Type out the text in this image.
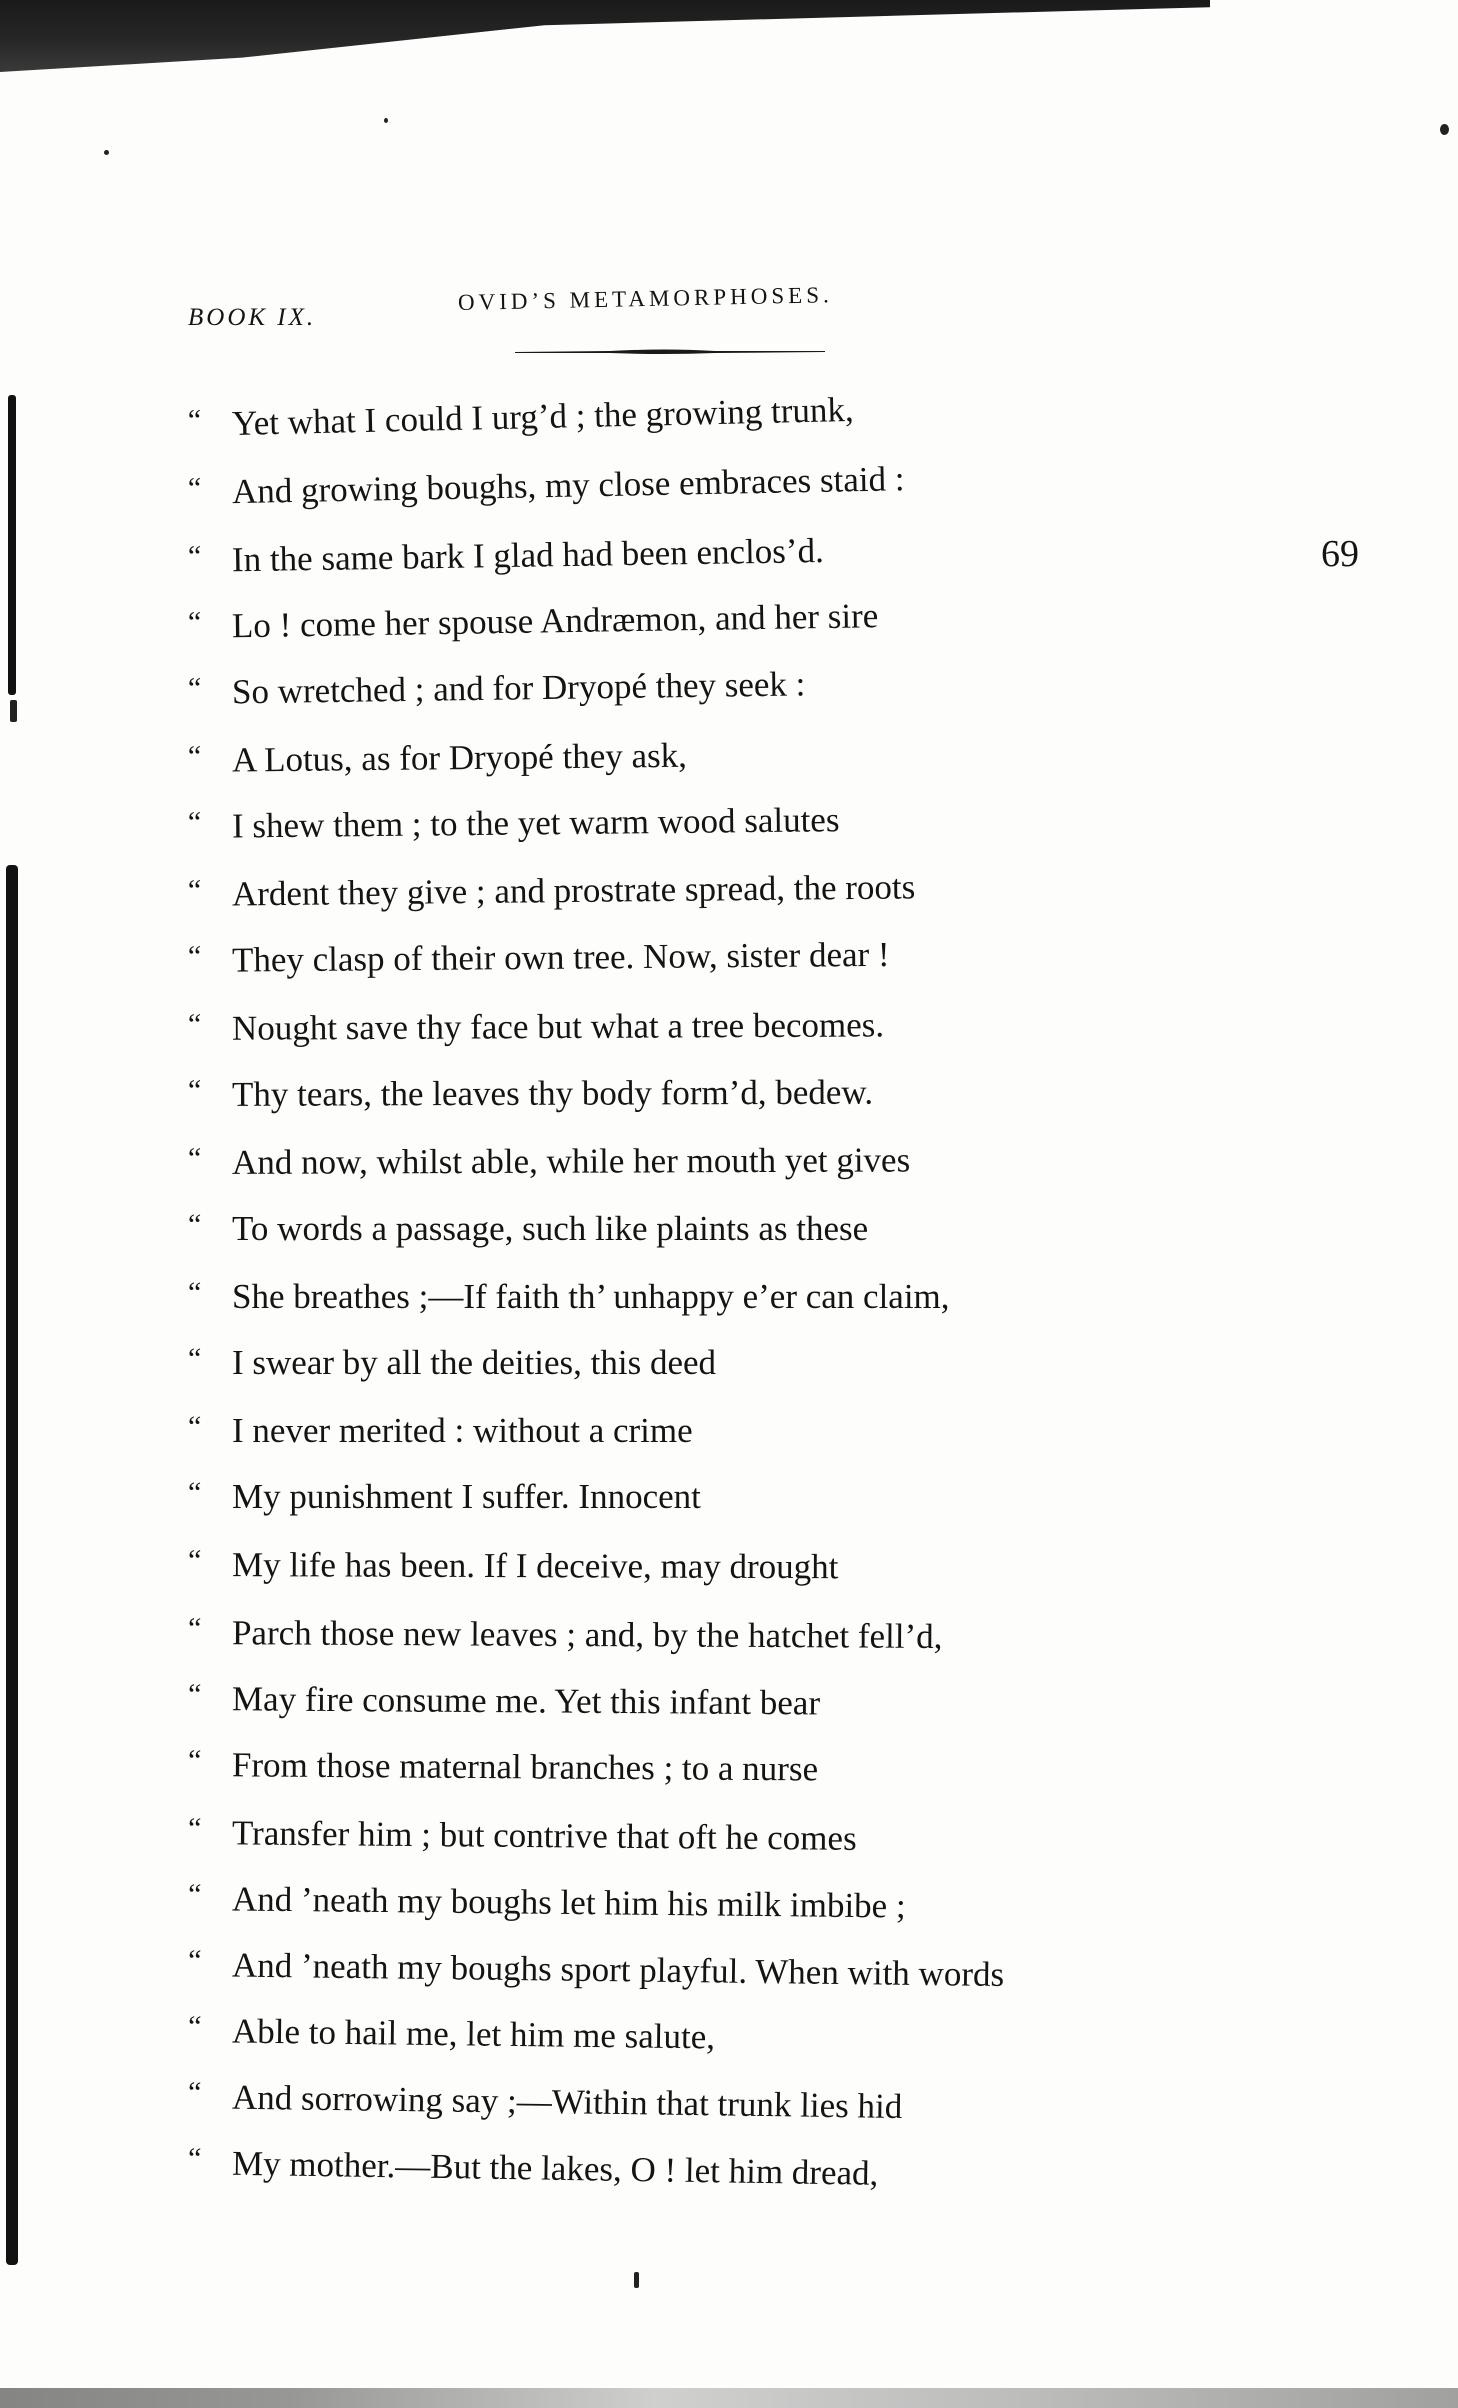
BOOK IX.
OVID’S METAMORPHOSES.
69
“ Yet what I could I urg’d ; the growing trunk,
“ And growing boughs, my close embraces staid :
“ In the same bark I glad had been enclos’d.
“ Lo ! come her spouse Andræmon, and her sire
“ So wretched ; and for Dryopé they seek :
“ A Lotus, as for Dryopé they ask,
“ I shew them ; to the yet warm wood salutes
“ Ardent they give ; and prostrate spread, the roots
“ They clasp of their own tree. Now, sister dear !
“ Nought save thy face but what a tree becomes.
“ Thy tears, the leaves thy body form’d, bedew.
“ And now, whilst able, while her mouth yet gives
“ To words a passage, such like plaints as these
“ She breathes ;—If faith th’ unhappy e’er can claim,
“ I swear by all the deities, this deed
“ I never merited : without a crime
“ My punishment I suffer. Innocent
“ My life has been. If I deceive, may drought
“ Parch those new leaves ; and, by the hatchet fell’d,
“ May fire consume me. Yet this infant bear
“ From those maternal branches ; to a nurse
“ Transfer him ; but contrive that oft he comes
“ And ’neath my boughs let him his milk imbibe ;
“ And ’neath my boughs sport playful. When with words
“ Able to hail me, let him me salute,
“ And sorrowing say ;—Within that trunk lies hid
“ My mother.—But the lakes, O ! let him dread,
